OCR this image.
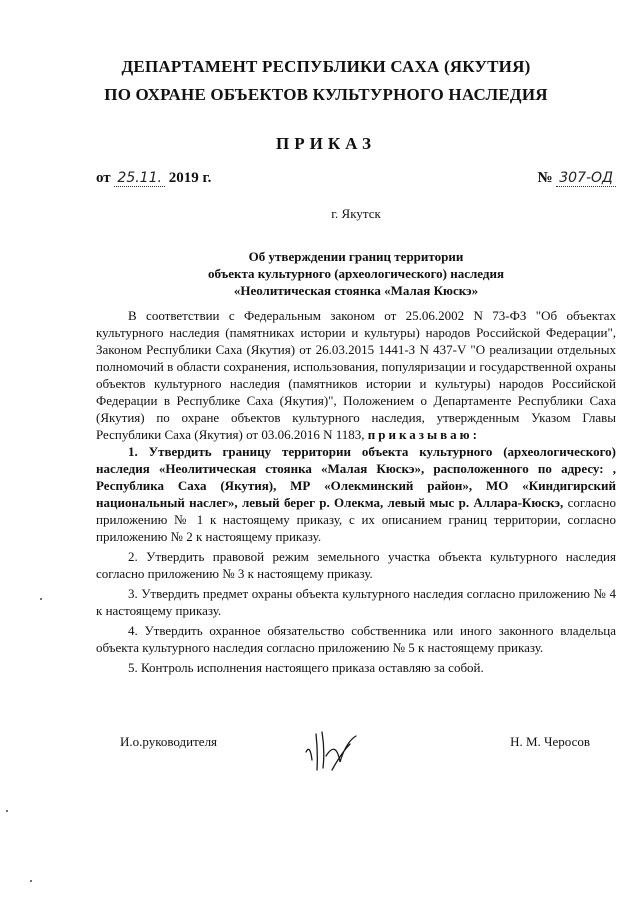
ДЕПАРТАМЕНТ РЕСПУБЛИКИ САХА (ЯКУТИЯ)
ПО ОХРАНЕ ОБЪЕКТОВ КУЛЬТУРНОГО НАСЛЕДИЯ
ПРИКАЗ
от 25.11. 2019 г.	№ 307-ОД
г. Якутск
Об утверждении границ территории
объекта культурного (археологического) наследия
«Неолитическая стоянка «Малая Кюскэ»

В соответствии с Федеральным законом от 25.06.2002 N 73-ФЗ "Об объектах культурного наследия (памятниках истории и культуры) народов Российской Федерации", Законом Республики Саха (Якутия) от 26.03.2015 1441-З N 437-V "О реализации отдельных полномочий в области сохранения, использования, популяризации и государственной охраны объектов культурного наследия (памятников истории и культуры) народов Российской Федерации в Республике Саха (Якутия)", Положением о Департаменте Республики Саха (Якутия) по охране объектов культурного наследия, утвержденным Указом Главы Республики Саха (Якутия) от 03.06.2016 N 1183, приказываю:

1. Утвердить границу территории объекта культурного (археологического) наследия «Неолитическая стоянка «Малая Кюскэ», расположенного по адресу: , Республика Саха (Якутия), МР «Олекминский район», МО «Киндигирский национальный наслег», левый берег р. Олекма, левый мыс р. Аллара-Кюскэ, согласно приложению № 1 к настоящему приказу, с их описанием границ территории, согласно приложению № 2 к настоящему приказу.

2. Утвердить правовой режим земельного участка объекта культурного наследия согласно приложению № 3 к настоящему приказу.

3. Утвердить предмет охраны объекта культурного наследия согласно приложению № 4 к настоящему приказу.

4. Утвердить охранное обязательство собственника или иного законного владельца объекта культурного наследия согласно приложению № 5 к настоящему приказу.

5. Контроль исполнения настоящего приказа оставляю за собой.

И.о.руководителя	Н. М. Черосов
